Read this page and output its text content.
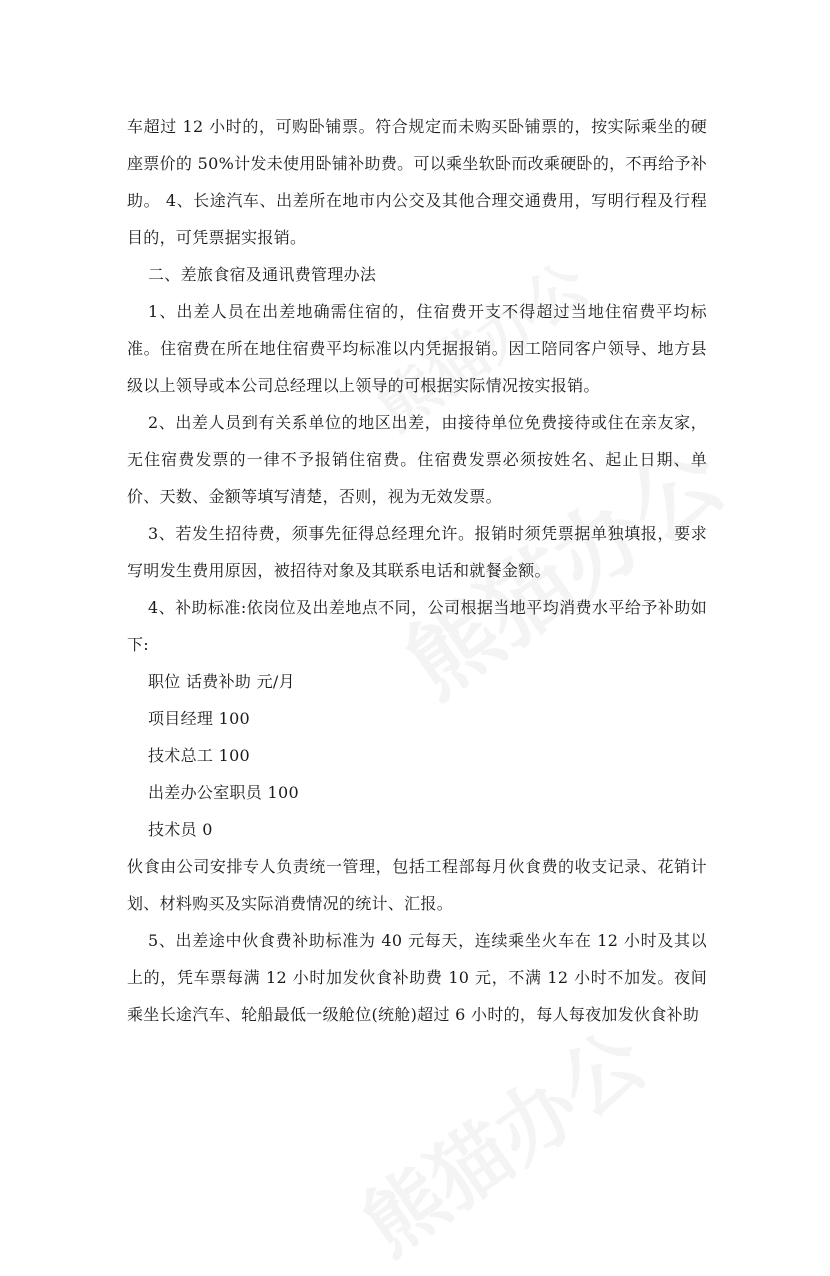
车超过 12 小时的，可购卧铺票。符合规定而未购买卧铺票的，按实际乘坐的硬座票价的 50%计发未使用卧铺补助费。可以乘坐软卧而改乘硬卧的，不再给予补助。 4、长途汽车、出差所在地市内公交及其他合理交通费用，写明行程及行程目的，可凭票据实报销。

二、差旅食宿及通讯费管理办法

1、出差人员在出差地确需住宿的，住宿费开支不得超过当地住宿费平均标准。住宿费在所在地住宿费平均标准以内凭据报销。因工陪同客户领导、地方县级以上领导或本公司总经理以上领导的可根据实际情况按实报销。

2、出差人员到有关系单位的地区出差，由接待单位免费接待或住在亲友家，无住宿费发票的一律不予报销住宿费。住宿费发票必须按姓名、起止日期、单价、天数、金额等填写清楚，否则，视为无效发票。

3、若发生招待费，须事先征得总经理允许。报销时须凭票据单独填报，要求写明发生费用原因，被招待对象及其联系电话和就餐金额。

4、补助标准:依岗位及出差地点不同，公司根据当地平均消费水平给予补助如下:

职位 话费补助 元/月

项目经理 100

技术总工 100

出差办公室职员 100

技术员 0

伙食由公司安排专人负责统一管理，包括工程部每月伙食费的收支记录、花销计划、材料购买及实际消费情况的统计、汇报。

5、出差途中伙食费补助标准为 40 元每天，连续乘坐火车在 12 小时及其以上的，凭车票每满 12 小时加发伙食补助费 10 元，不满 12 小时不加发。夜间乘坐长途汽车、轮船最低一级舱位(统舱)超过 6 小时的，每人每夜加发伙食补助
